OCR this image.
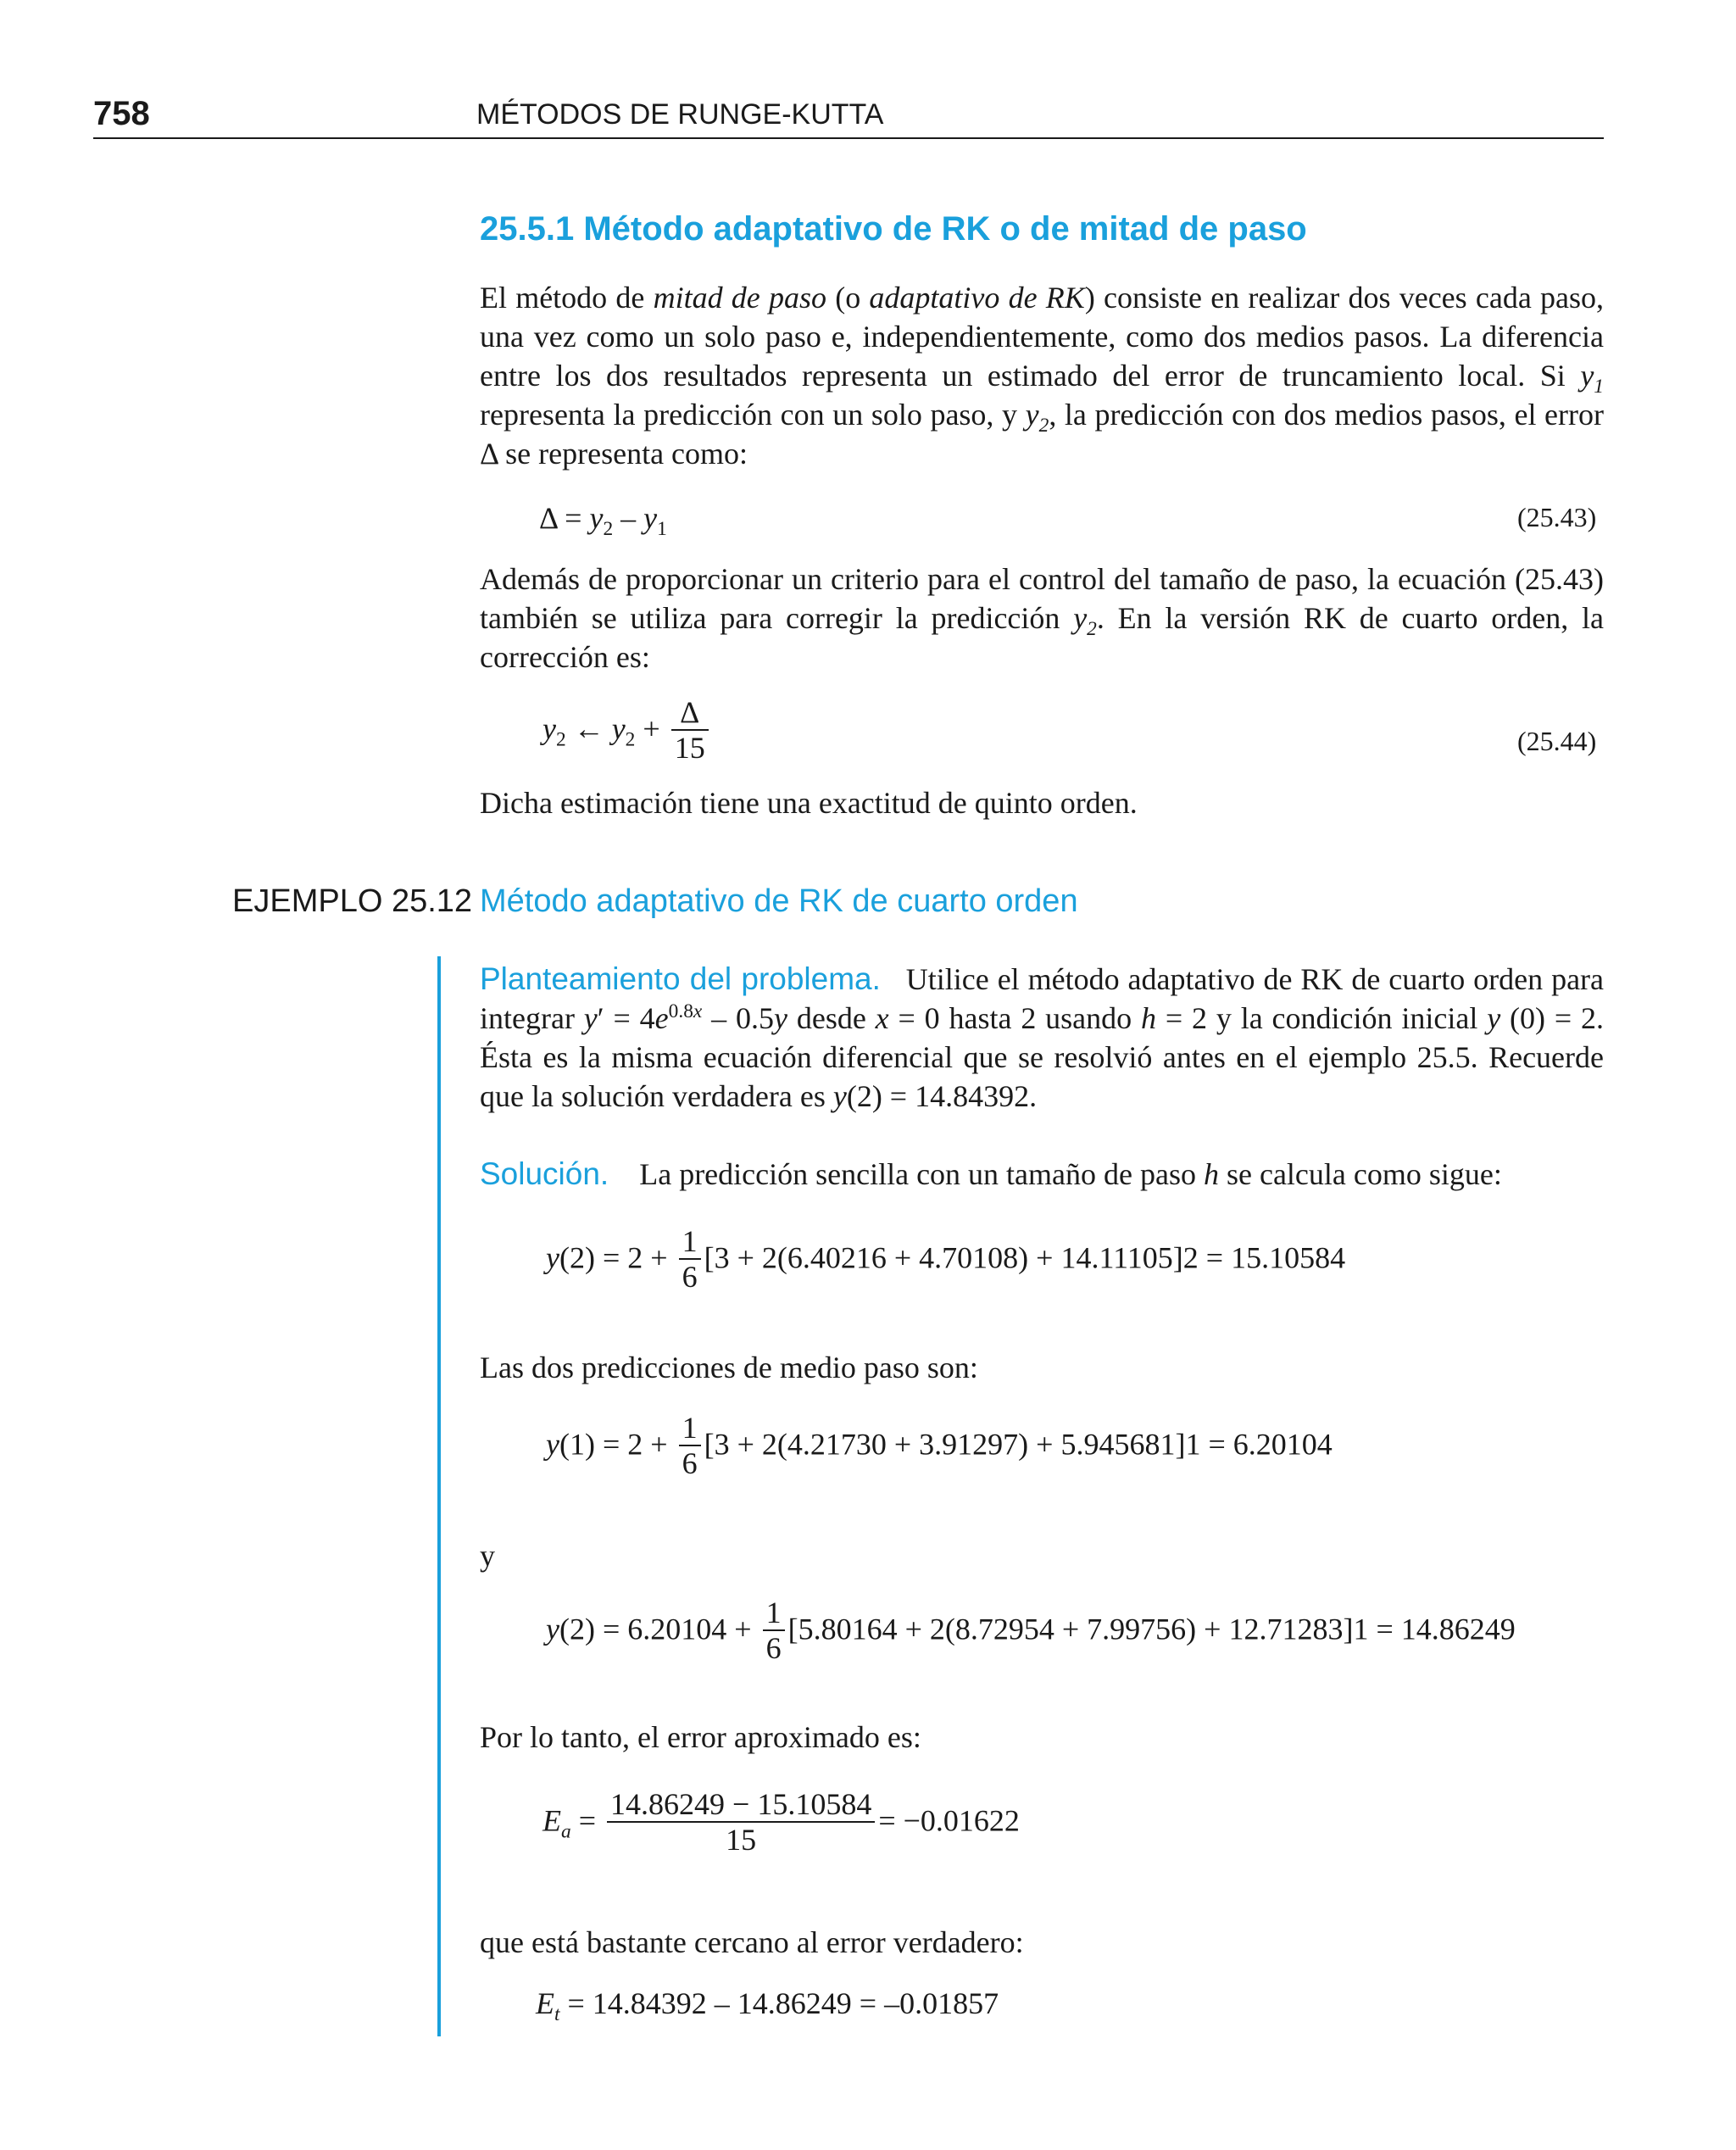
758	MÉTODOS DE RUNGE-KUTTA
25.5.1 Método adaptativo de RK o de mitad de paso
El método de mitad de paso (o adaptativo de RK) consiste en realizar dos veces cada paso, una vez como un solo paso e, independientemente, como dos medios pasos. La diferencia entre los dos resultados representa un estimado del error de truncamiento local. Si $y_1$ representa la predicción con un solo paso, y $y_2$, la predicción con dos medios pasos, el error Δ se representa como:
$\Delta = y_2 - y_1$	(25.43)
Además de proporcionar un criterio para el control del tamaño de paso, la ecuación (25.43) también se utiliza para corregir la predicción $y_2$. En la versión RK de cuarto orden, la corrección es:
$y_2$ ← $y_2 + \frac{\Delta}{15}$	(25.44)
Dicha estimación tiene una exactitud de quinto orden.
EJEMPLO 25.12 Método adaptativo de RK de cuarto orden
Planteamiento del problema. Utilice el método adaptativo de RK de cuarto orden para integrar $y' = 4e^{0.8x} - 0.5y$ desde x = 0 hasta 2 usando h = 2 y la condición inicial y (0) = 2. Ésta es la misma ecuación diferencial que se resolvió antes en el ejemplo 25.5. Recuerde que la solución verdadera es y(2) = 14.84392.
Solución. La predicción sencilla con un tamaño de paso h se calcula como sigue:
$y(2) = 2 + \frac{1}{6} [3 + 2(6.40216 + 4.70108) + 14.11105]2 = 15.10584$
Las dos predicciones de medio paso son:
$y(1) = 2 + \frac{1}{6} [3 + 2(4.21730 + 3.91297) + 5.945681]1 = 6.20104$
y
$y(2) = 6.20104 + \frac{1}{6} [5.80164 + 2(8.72954 + 7.99756) + 12.71283]1 = 14.86249$
Por lo tanto, el error aproximado es:
$E_a = \frac{14.86249 - 15.10584}{15} = -0.01622$
que está bastante cercano al error verdadero:
$E_t = 14.84392 - 14.86249 = -0.01857$
